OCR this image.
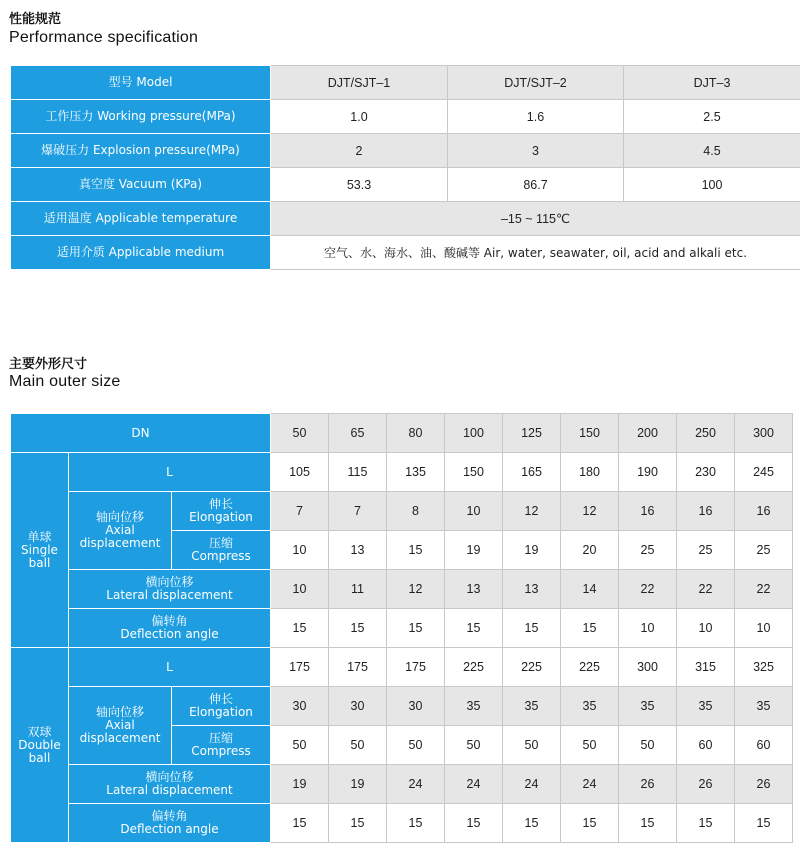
性能规范
Performance specification
型号 Model	DJT/SJT–1	DJT/SJT–2	DJT–3
工作压力 Working pressure(MPa)	1.0	1.6	2.5
爆破压力 Explosion pressure(MPa)	2	3	4.5
真空度 Vacuum (KPa)	53.3	86.7	100
适用温度 Applicable temperature	–15 ~ 115℃		
适用介质 Applicable medium	空气、水、海水、油、酸碱等 Air, water, seawater, oil, acid and alkali etc.		
主要外形尺寸
Main outer size
DN			50	65	80	100	125	150	200	250	300

单球
Single
ball	L		105	115	135	150	165	180	190	230	245

	轴向位移
Axial
displacement	伸长
Elongation	7	7	8	10	12	12	16	16	16

		压缩
Compress	10	13	15	19	19	20	25	25	25

	横向位移
Lateral displacement		10	11	12	13	13	14	22	22	22

	偏转角
Deflection angle		15	15	15	15	15	15	10	10	10

双球
Double
ball	L		175	175	175	225	225	225	300	315	325

	轴向位移
Axial
displacement	伸长
Elongation	30	30	30	35	35	35	35	35	35

		压缩
Compress	50	50	50	50	50	50	50	60	60

	横向位移
Lateral displacement		19	19	24	24	24	24	26	26	26

	偏转角
Deflection angle		15	15	15	15	15	15	15	15	15
